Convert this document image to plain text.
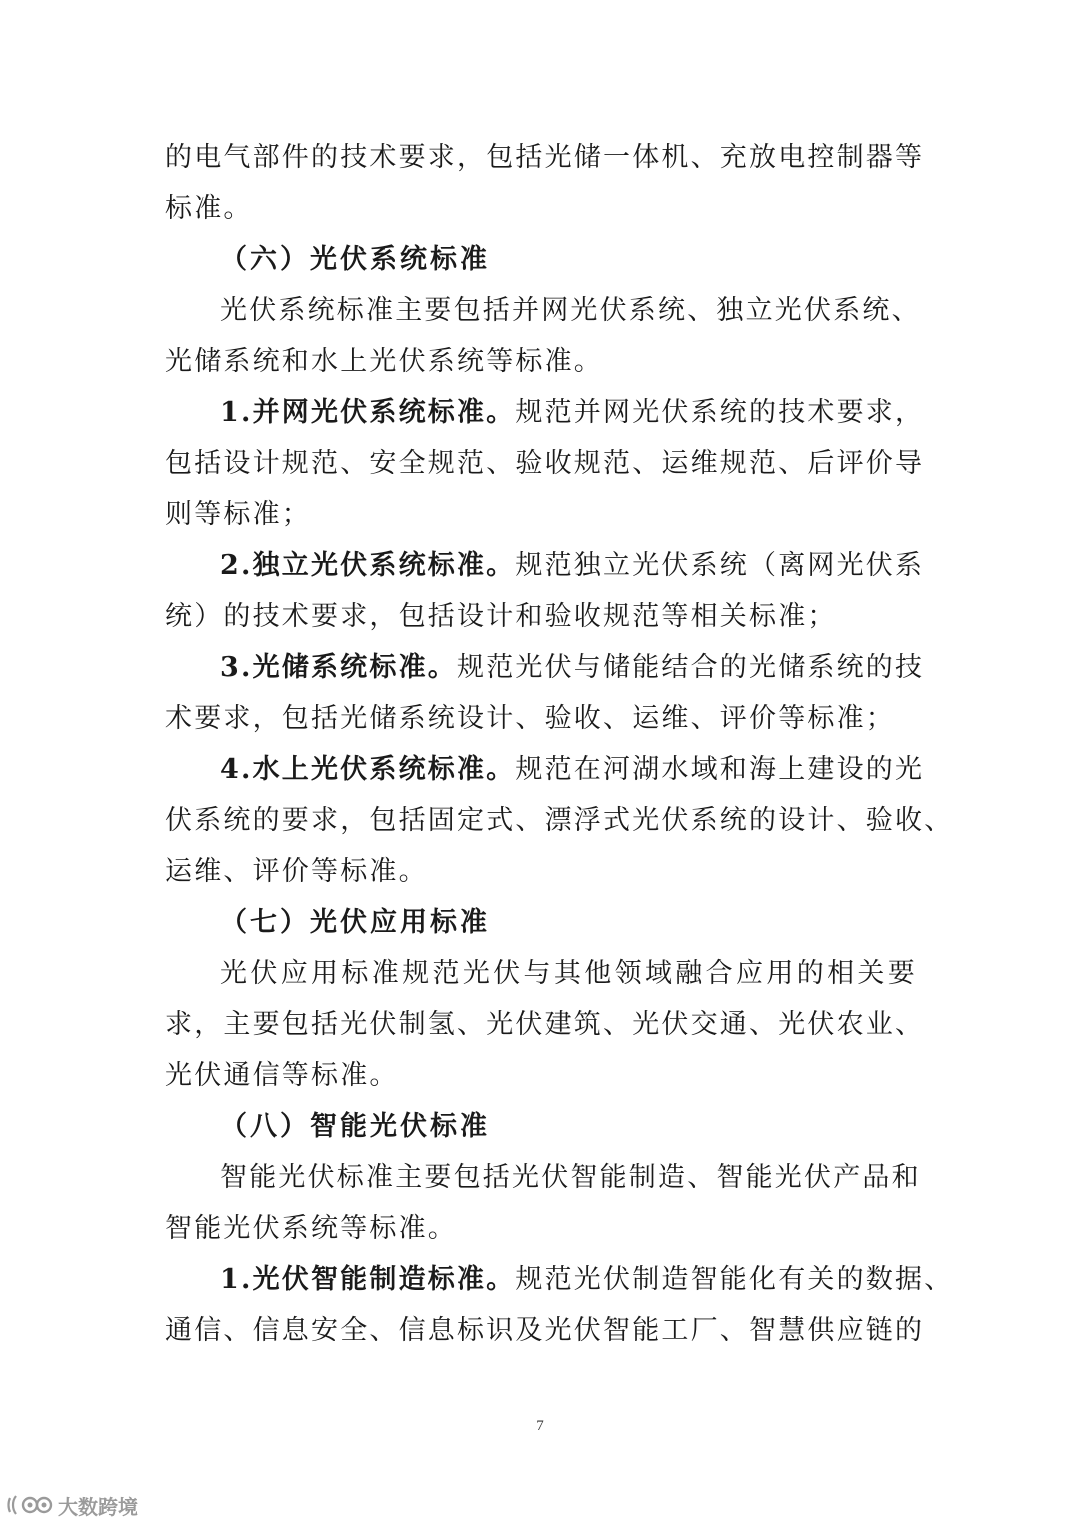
的电气部件的技术要求，包括光储一体机、充放电控制器等
标准。
（六）光伏系统标准
光伏系统标准主要包括并网光伏系统、独立光伏系统、
光储系统和水上光伏系统等标准。
1.并网光伏系统标准。规范并网光伏系统的技术要求，
包括设计规范、安全规范、验收规范、运维规范、后评价导
则等标准；
2.独立光伏系统标准。规范独立光伏系统（离网光伏系
统）的技术要求，包括设计和验收规范等相关标准；
3.光储系统标准。规范光伏与储能结合的光储系统的技
术要求，包括光储系统设计、验收、运维、评价等标准；
4.水上光伏系统标准。规范在河湖水域和海上建设的光
伏系统的要求，包括固定式、漂浮式光伏系统的设计、验收、
运维、评价等标准。
（七）光伏应用标准
光伏应用标准规范光伏与其他领域融合应用的相关要
求，主要包括光伏制氢、光伏建筑、光伏交通、光伏农业、
光伏通信等标准。
（八）智能光伏标准
智能光伏标准主要包括光伏智能制造、智能光伏产品和
智能光伏系统等标准。
1.光伏智能制造标准。规范光伏制造智能化有关的数据、
通信、信息安全、信息标识及光伏智能工厂、智慧供应链的
7
大数跨境
